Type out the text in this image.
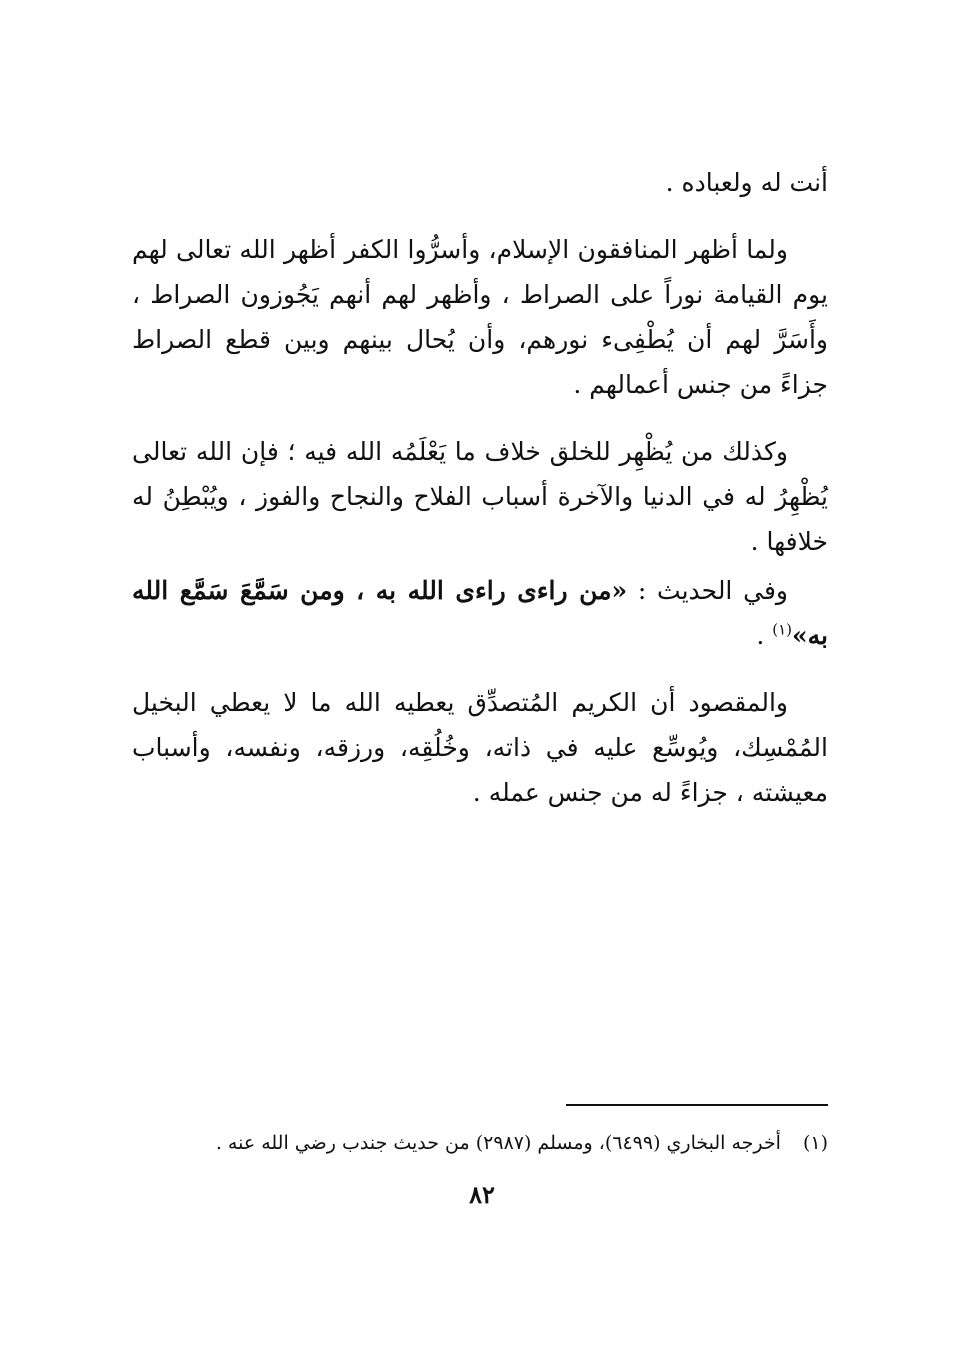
أنت له ولعباده .

ولما أظهر المنافقون الإسلام، وأسرُّوا الكفر أظهر الله تعالى لهم يوم القيامة نوراً على الصراط ، وأظهر لهم أنهم يَجُوزون الصراط ، وأَسَرَّ لهم أن يُطْفِىء نورهم، وأن يُحال بينهم وبين قطع الصراط جزاءً من جنس أعمالهم .

وكذلك من يُظْهِر للخلق خلاف ما يَعْلَمُه الله فيه ؛ فإن الله تعالى يُظْهِرُ له في الدنيا والآخرة أسباب الفلاح والنجاح والفوز ، ويُبْطِنُ له خلافها .

وفي الحديث : «من راءى راءى الله به ، ومن سَمَّعَ سَمَّع الله به»$^{(١)}$ .

والمقصود أن الكريم المُتصدِّق يعطيه الله ما لا يعطي البخيل المُمْسِك، ويُوسِّع عليه في ذاته، وخُلُقِه، ورزقه، ونفسه، وأسباب معيشته ، جزاءً له من جنس عمله .

(١)أخرجه البخاري (٦٤٩٩)، ومسلم (٢٩٨٧) من حديث جندب رضي الله عنه .
٨٢
